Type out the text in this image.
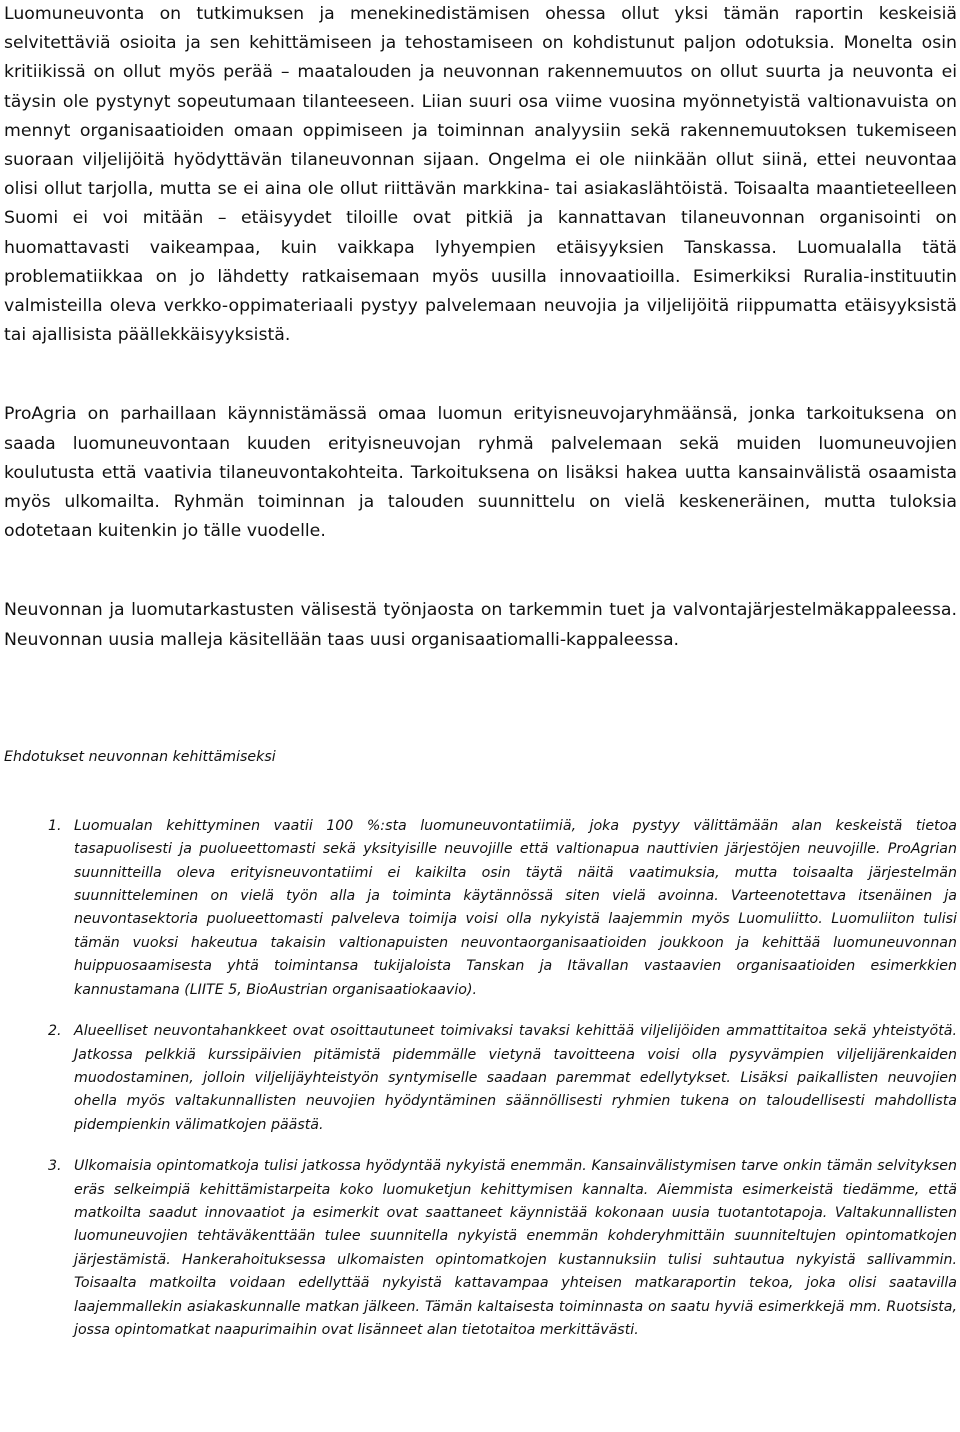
Luomuneuvonta on tutkimuksen ja menekinedistämisen ohessa ollut yksi tämän raportin keskeisiä selvitettäviä osioita ja sen kehittämiseen ja tehostamiseen on kohdistunut paljon odotuksia. Monelta osin kritiikissä on ollut myös perää – maatalouden ja neuvonnan rakennemuutos on ollut suurta ja neuvonta ei täysin ole pystynyt sopeutumaan tilanteeseen. Liian suuri osa viime vuosina myönnetyistä valtionavuista on mennyt organisaatioiden omaan oppimiseen ja toiminnan analyysiin sekä rakennemuutoksen tukemiseen suoraan viljelijöitä hyödyttävän tilaneuvonnan sijaan. Ongelma ei ole niinkään ollut siinä, ettei neuvontaa olisi ollut tarjolla, mutta se ei aina ole ollut riittävän markkina- tai asiakaslähtöistä. Toisaalta maantieteelleen Suomi ei voi mitään – etäisyydet tiloille ovat pitkiä ja kannattavan tilaneuvonnan organisointi on huomattavasti vaikeampaa, kuin vaikkapa lyhyempien etäisyyksien Tanskassa. Luomualalla tätä problematiikkaa on jo lähdetty ratkaisemaan myös uusilla innovaatioilla. Esimerkiksi Ruralia-instituutin valmisteilla oleva verkko-oppimateriaali pystyy palvelemaan neuvojia ja viljelijöitä riippumatta etäisyyksistä tai ajallisista päällekkäisyyksistä.

ProAgria on parhaillaan käynnistämässä omaa luomun erityisneuvojaryhmäänsä, jonka tarkoituksena on saada luomuneuvontaan kuuden erityisneuvojan ryhmä palvelemaan sekä muiden luomuneuvojien koulutusta että vaativia tilaneuvontakohteita. Tarkoituksena on lisäksi hakea uutta kansainvälistä osaamista myös ulkomailta. Ryhmän toiminnan ja talouden suunnittelu on vielä keskeneräinen, mutta tuloksia odotetaan kuitenkin jo tälle vuodelle.

Neuvonnan ja luomutarkastusten välisestä työnjaosta on tarkemmin tuet ja valvontajärjestelmäkappaleessa. Neuvonnan uusia malleja käsitellään taas uusi organisaatiomalli-kappaleessa.

Ehdotukset neuvonnan kehittämiseksi

1. Luomualan kehittyminen vaatii 100 %:sta luomuneuvontatiimiä, joka pystyy välittämään alan keskeistä tietoa tasapuolisesti ja puolueettomasti sekä yksityisille neuvojille että valtionapua nauttivien järjestöjen neuvojille. ProAgrian suunnitteilla oleva erityisneuvontatiimi ei kaikilta osin täytä näitä vaatimuksia, mutta toisaalta järjestelmän suunnitteleminen on vielä työn alla ja toiminta käytännössä siten vielä avoinna. Varteenotettava itsenäinen ja neuvontasektoria puolueettomasti palveleva toimija voisi olla nykyistä laajemmin myös Luomuliitto. Luomuliiton tulisi tämän vuoksi hakeutua takaisin valtionapuisten neuvontaorganisaatioiden joukkoon ja kehittää luomuneuvonnan huippuosaamisesta yhtä toimintansa tukijaloista Tanskan ja Itävallan vastaavien organisaatioiden esimerkkien kannustamana (LIITE 5, BioAustrian organisaatiokaavio).

2. Alueelliset neuvontahankkeet ovat osoittautuneet toimivaksi tavaksi kehittää viljelijöiden ammattitaitoa sekä yhteistyötä. Jatkossa pelkkiä kurssipäivien pitämistä pidemmälle vietynä tavoitteena voisi olla pysyvämpien viljelijärenkaiden muodostaminen, jolloin viljelijäyhteistyön syntymiselle saadaan paremmat edellytykset. Lisäksi paikallisten neuvojien ohella myös valtakunnallisten neuvojien hyödyntäminen säännöllisesti ryhmien tukena on taloudellisesti mahdollista pidempienkin välimatkojen päästä.

3. Ulkomaisia opintomatkoja tulisi jatkossa hyödyntää nykyistä enemmän. Kansainvälistymisen tarve onkin tämän selvityksen eräs selkeimpiä kehittämistarpeita koko luomuketjun kehittymisen kannalta. Aiemmista esimerkeistä tiedämme, että matkoilta saadut innovaatiot ja esimerkit ovat saattaneet käynnistää kokonaan uusia tuotantotapoja. Valtakunnallisten luomuneuvojien tehtäväkenttään tulee suunnitella nykyistä enemmän kohderyhmittäin suunniteltujen opintomatkojen järjestämistä. Hankerahoituksessa ulkomaisten opintomatkojen kustannuksiin tulisi suhtautua nykyistä sallivammin. Toisaalta matkoilta voidaan edellyttää nykyistä kattavampaa yhteisen matkaraportin tekoa, joka olisi saatavilla laajemmallekin asiakaskunnalle matkan jälkeen. Tämän kaltaisesta toiminnasta on saatu hyviä esimerkkejä mm. Ruotsista, jossa opintomatkat naapurimaihin ovat lisänneet alan tietotaitoa merkittävästi.
